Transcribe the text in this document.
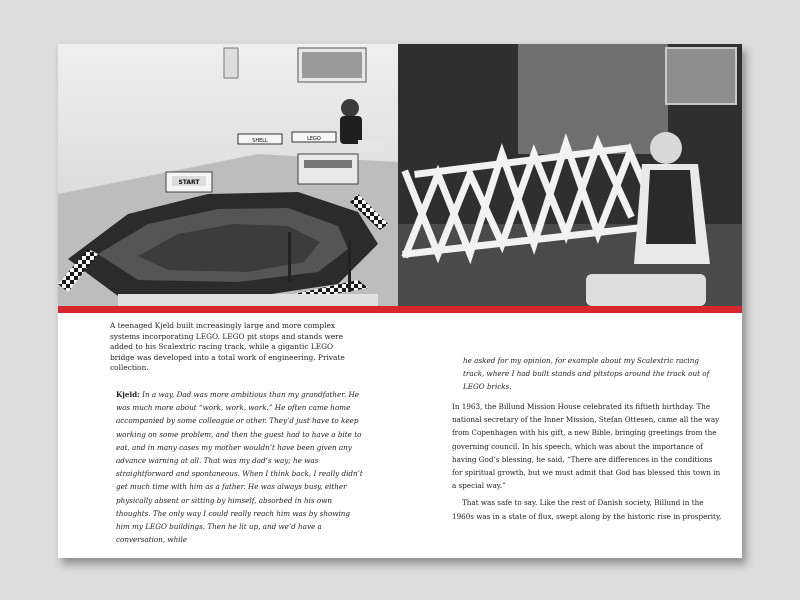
START
SHELL	LEGO
A teenaged Kjeld built increasingly large and more complex systems incorporating LEGO. LEGO pit stops and stands were added to his Scalextric racing track, while a gigantic LEGO bridge was developed into a total work of engineering. Private collection.
Kjeld: In a way, Dad was more ambitious than my grandfather. He was much more about “work, work, work.” He often came home accompanied by some colleague or other. They’d just have to keep working on some problem, and then the guest had to have a bite to eat, and in many cases my mother wouldn’t have been given any advance warning at all. That was my dad’s way; he was straightforward and spontaneous. When I think back, I really didn’t get much time with him as a father. He was always busy, either physically absent or sitting by himself, absorbed in his own thoughts. The only way I could really reach him was by showing him my LEGO buildings. Then he lit up, and we’d have a conversation, while
he asked for my opinion, for example about my Scalextric racing track, where I had built stands and pitstops around the track out of LEGO bricks.

In 1963, the Billund Mission House celebrated its fiftieth birthday. The national secretary of the Inner Mission, Stefan Ottesen, came all the way from Copenhagen with his gift, a new Bible, bringing greetings from the governing council. In his speech, which was about the importance of having God’s blessing, he said, “There are differences in the conditions for spiritual growth, but we must admit that God has blessed this town in a special way.”

That was safe to say. Like the rest of Danish society, Billund in the 1960s was in a state of flux, swept along by the historic rise in prosperity,
